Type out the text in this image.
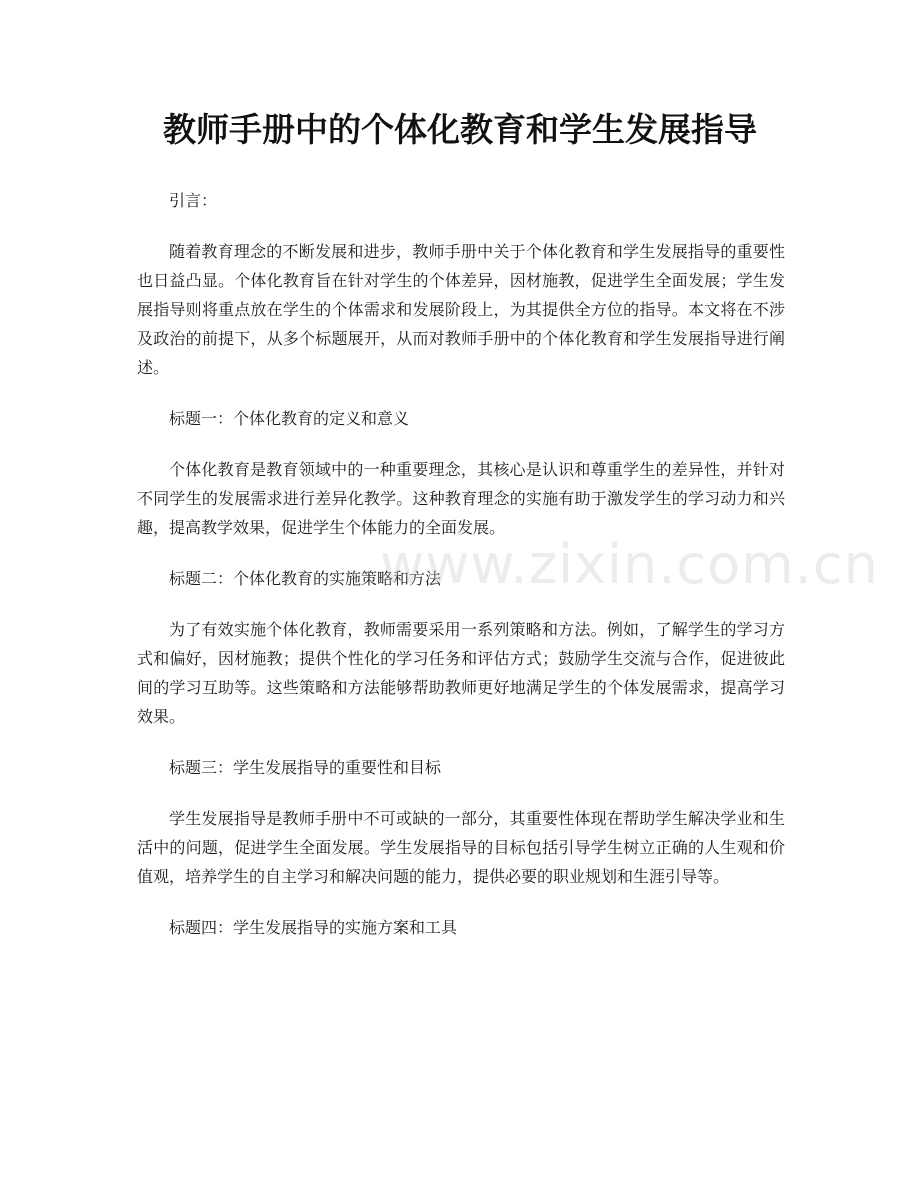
教师手册中的个体化教育和学生发展指导

引言：

随着教育理念的不断发展和进步，教师手册中关于个体化教育和学生发展指导的重要性也日益凸显。个体化教育旨在针对学生的个体差异，因材施教，促进学生全面发展；学生发展指导则将重点放在学生的个体需求和发展阶段上，为其提供全方位的指导。本文将在不涉及政治的前提下，从多个标题展开，从而对教师手册中的个体化教育和学生发展指导进行阐述。

标题一：个体化教育的定义和意义

个体化教育是教育领域中的一种重要理念，其核心是认识和尊重学生的差异性，并针对不同学生的发展需求进行差异化教学。这种教育理念的实施有助于激发学生的学习动力和兴趣，提高教学效果，促进学生个体能力的全面发展。

标题二：个体化教育的实施策略和方法

为了有效实施个体化教育，教师需要采用一系列策略和方法。例如，了解学生的学习方式和偏好，因材施教；提供个性化的学习任务和评估方式；鼓励学生交流与合作，促进彼此间的学习互助等。这些策略和方法能够帮助教师更好地满足学生的个体发展需求，提高学习效果。

标题三：学生发展指导的重要性和目标

学生发展指导是教师手册中不可或缺的一部分，其重要性体现在帮助学生解决学业和生活中的问题，促进学生全面发展。学生发展指导的目标包括引导学生树立正确的人生观和价值观，培养学生的自主学习和解决问题的能力，提供必要的职业规划和生涯引导等。

标题四：学生发展指导的实施方案和工具

www.zixin.com.cn
